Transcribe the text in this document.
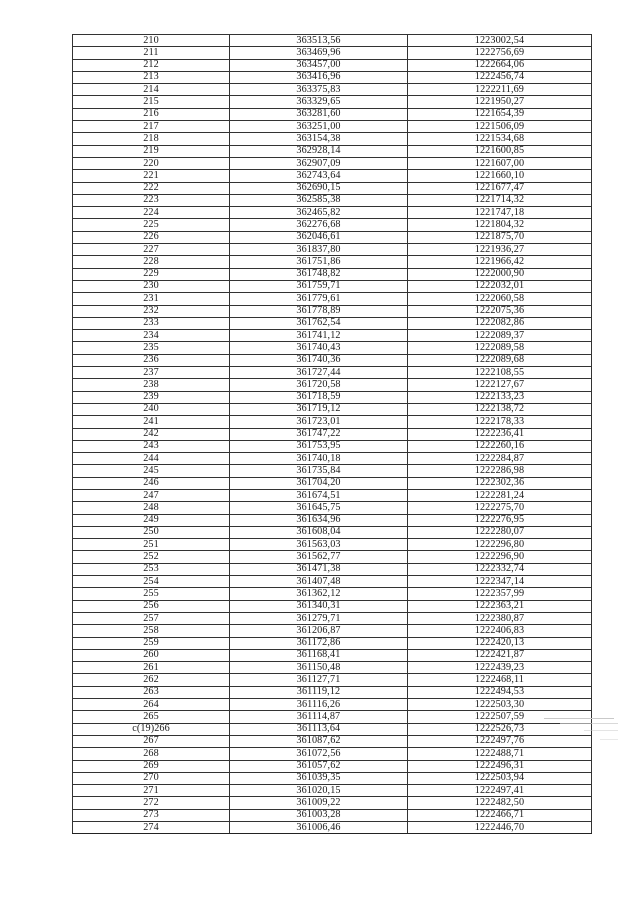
210	363513,56	1223002,54
211	363469,96	1222756,69
212	363457,00	1222664,06
213	363416,96	1222456,74
214	363375,83	1222211,69
215	363329,65	1221950,27
216	363281,60	1221654,39
217	363251,00	1221506,09
218	363154,38	1221534,68
219	362928,14	1221600,85
220	362907,09	1221607,00
221	362743,64	1221660,10
222	362690,15	1221677,47
223	362585,38	1221714,32
224	362465,82	1221747,18
225	362276,68	1221804,32
226	362046,61	1221875,70
227	361837,80	1221936,27
228	361751,86	1221966,42
229	361748,82	1222000,90
230	361759,71	1222032,01
231	361779,61	1222060,58
232	361778,89	1222075,36
233	361762,54	1222082,86
234	361741,12	1222089,37
235	361740,43	1222089,58
236	361740,36	1222089,68
237	361727,44	1222108,55
238	361720,58	1222127,67
239	361718,59	1222133,23
240	361719,12	1222138,72
241	361723,01	1222178,33
242	361747,22	1222236,41
243	361753,95	1222260,16
244	361740,18	1222284,87
245	361735,84	1222286,98
246	361704,20	1222302,36
247	361674,51	1222281,24
248	361645,75	1222275,70
249	361634,96	1222276,95
250	361608,04	1222280,07
251	361563,03	1222296,80
252	361562,77	1222296,90
253	361471,38	1222332,74
254	361407,48	1222347,14
255	361362,12	1222357,99
256	361340,31	1222363,21
257	361279,71	1222380,87
258	361206,87	1222406,83
259	361172,86	1222420,13
260	361168,41	1222421,87
261	361150,48	1222439,23
262	361127,71	1222468,11
263	361119,12	1222494,53
264	361116,26	1222503,30
265	361114,87	1222507,59
c(19)266	361113,64	1222526,73
267	361087,62	1222497,76
268	361072,56	1222488,71
269	361057,62	1222496,31
270	361039,35	1222503,94
271	361020,15	1222497,41
272	361009,22	1222482,50
273	361003,28	1222466,71
274	361006,46	1222446,70
